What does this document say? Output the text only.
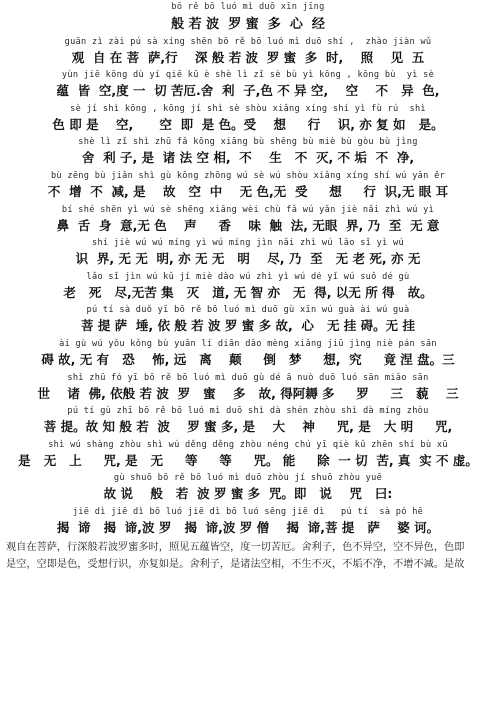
bō rě bō luó mì duō xīn jīng
般 若 波  罗 蜜  多  心  经
guān zì zài pú sà xíng shēn bō rě bō luó mì duō shí ,  zhào jiàn wǔ
观  自 在 菩  萨,行    深 般 若 波  罗 蜜  多  时,    照    见  五
yùn jiē kōng dù yí qiē kǔ è shè lì zǐ sè bù yì kōng , kōng bù  yì sè
蕴  皆  空,度 一  切 苦厄.舍  利  子,色 不 异 空,    空    不   异  色,
sè jí shì kōng , kōng jí shì sè shòu xiǎng xíng shí yì fù rú  shì
色 即 是    空,      空  即  是 色。受    想     行    识, 亦 复 如   是。
shè lì zǐ shì zhū fǎ kōng xiāng bù shēng bù miè bù gòu bù jìng
舍  利 子, 是  诸 法 空 相,  不    生   不  灭, 不 垢  不  净,
bù zēng bù jiǎn shì gù kōng zhōng wú sè wú shòu xiǎng xíng shí wú yǎn ěr
不  增  不  减, 是    故   空  中    无 色,无  受     想     行  识,无 眼 耳
bí shé shēn yì wú sè shēng xiāng wèi chù fǎ wú yǎn jiè nǎi zhì wú yì
鼻  舌  身  意,无 色    声     香    味  触  法, 无眼  界, 乃  至  无 意
shí jiè wú wú míng yì wú míng jìn nǎi zhì wú lǎo sǐ yì wú
识  界, 无 无  明, 亦 无 无   明    尽, 乃  至   无 老 死, 亦 无
lǎo sǐ jìn wú kǔ jí miè dào wú zhì yì wú dé yǐ wú suǒ dé gù
老   死   尽,无苦 集   灭   道, 无 智 亦   无  得, 以无 所 得   故。
pú tí sà duǒ yī bō rě bō luó mì duō gù xīn wú guà ài wú guà
菩 提 萨  埵, 依 般 若 波 罗 蜜 多 故,  心   无 挂 碍。无 挂
ài gù wú yǒu kǒng bù yuǎn lí diān dǎo mèng xiǎng jiū jìng niè pán sān
碍 故, 无 有   恐    怖, 远   离    颠     倒   梦     想,  究     竟 涅 盘。三
shì zhū fó yī bō rě bō luó mì duō gù dé ā nuò duō luó sān miǎo sān
世    诸  佛, 依般 若 波  罗   蜜    多   故, 得阿耨 多     罗     三   藐    三
pú tí gù zhī bō rě bō luó mì duō shì dà shén zhòu shì dà míng zhòu
菩 提。故 知 般 若  波    罗 蜜 多, 是    大    神     咒, 是   大 明     咒,
shì wú shàng zhòu shì wú děng děng zhòu néng chú yī qiè kǔ zhēn shí bù xū
是   无   上     咒, 是   无     等     等     咒。 能     除  一 切  苦, 真  实 不 虚。
gù shuō bō rě bō luó mì duō zhòu jí shuō zhòu yuē
故 说    般   若  波 罗 蜜 多  咒。即   说    咒   曰:
jiē dì jiē dì bō luó jiē dì bō luó sēng jiē dì   pú tí  sà pó hē
揭  谛   揭  谛,波 罗   揭  谛,波 罗 僧    揭  谛,菩 提   萨    婆 诃。
观自在菩萨，行深般若波罗蜜多时，照见五蕴皆空，度一切苦厄。舍利子，色不异空，空不异色，色即
是空，空即是色，受想行识，亦复如是。舍利子，是诸法空相，不生不灭，不垢不净，不增不减。是故
